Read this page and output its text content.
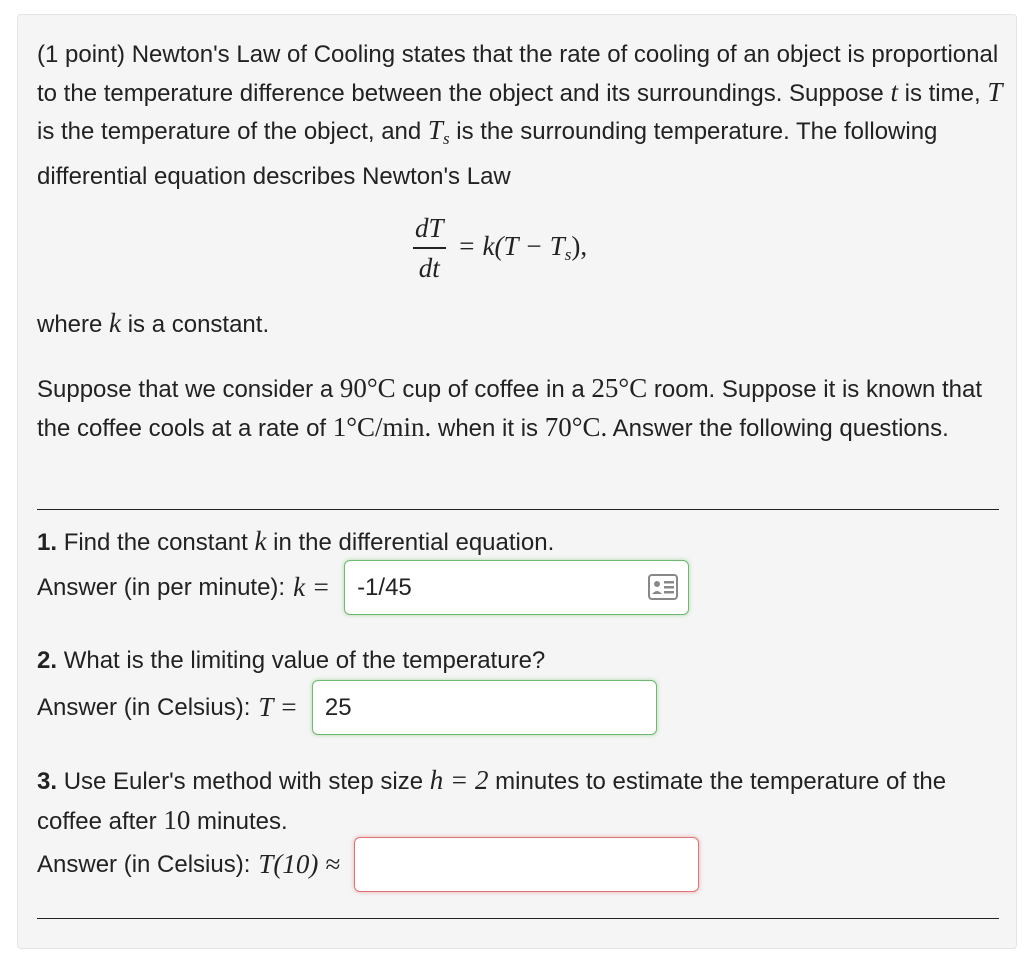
(1 point) Newton's Law of Cooling states that the rate of cooling of an object is proportional to the temperature difference between the object and its surroundings. Suppose t is time, T is the temperature of the object, and $T_s$ is the surrounding temperature. The following differential equation describes Newton's Law

$\frac{dT}{dt} = k(T - T_s)$,

where k is a constant.

Suppose that we consider a 90°C cup of coffee in a 25°C room. Suppose it is known that the coffee cools at a rate of 1°C/min. when it is 70°C. Answer the following questions.

1. Find the constant k in the differential equation.

Answer (in per minute): k = -1/45

2. What is the limiting value of the temperature?

Answer (in Celsius): T = 25

3. Use Euler's method with step size h = 2 minutes to estimate the temperature of the coffee after 10 minutes.

Answer (in Celsius): T(10) ≈
